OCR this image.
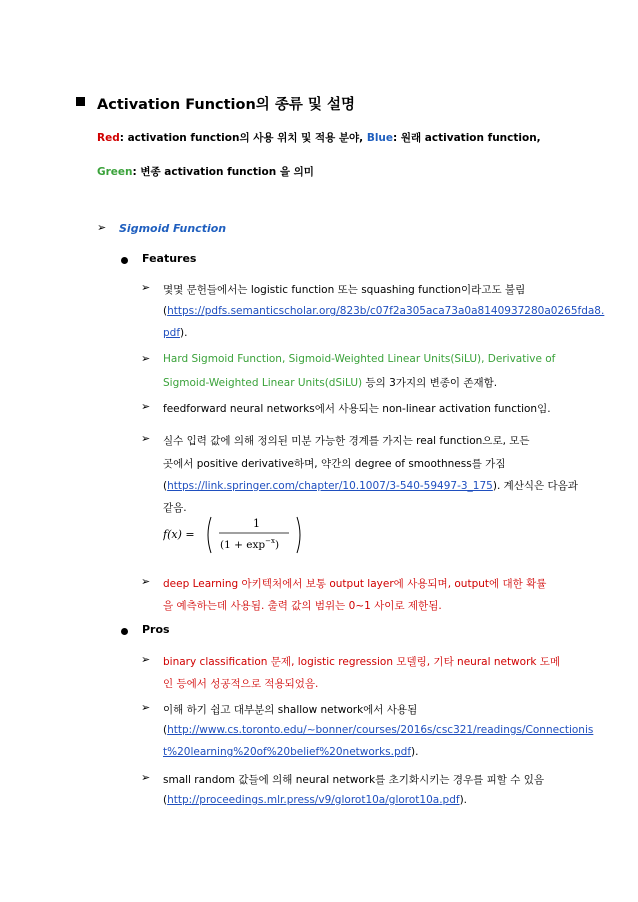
Activation Function의 종류 및 설명
Red: activation function의 사용 위치 및 적용 분야, Blue: 원래 activation function,
Green: 변종 activation function 을 의미
➢ Sigmoid Function
Features
➢ 몇몇 문헌들에서는 logistic function 또는 squashing function이라고도 불림
(https://pdfs.semanticscholar.org/823b/c07f2a305aca73a0a8140937280a0265fda8.
pdf).
➢ Hard Sigmoid Function, Sigmoid-Weighted Linear Units(SiLU), Derivative of
Sigmoid-Weighted Linear Units(dSiLU) 등의 3가지의 변종이 존재함.
➢ feedforward neural networks에서 사용되는 non-linear activation function임.
➢ 실수 입력 값에 의해 정의된 미분 가능한 경계를 가지는 real function으로, 모든
곳에서 positive derivative하며, 약간의 degree of smoothness를 가짐
(https://link.springer.com/chapter/10.1007/3-540-59497-3_175). 계산식은 다음과
같음.
f(x) =
1
$(1 + \exp^{-x})$
➢ deep Learning 아키텍처에서 보통 output layer에 사용되며, output에 대한 확률
을 예측하는데 사용됨. 출력 값의 범위는 0~1 사이로 제한됨.
Pros
➢ binary classification 문제, logistic regression 모델링, 기타 neural network 도메
인 등에서 성공적으로 적용되었음.
➢ 이해 하기 쉽고 대부분의 shallow network에서 사용됨
(http://www.cs.toronto.edu/~bonner/courses/2016s/csc321/readings/Connectionis
t%20learning%20of%20belief%20networks.pdf).
➢ small random 값들에 의해 neural network를 초기화시키는 경우를 피할 수 있음
(http://proceedings.mlr.press/v9/glorot10a/glorot10a.pdf).
